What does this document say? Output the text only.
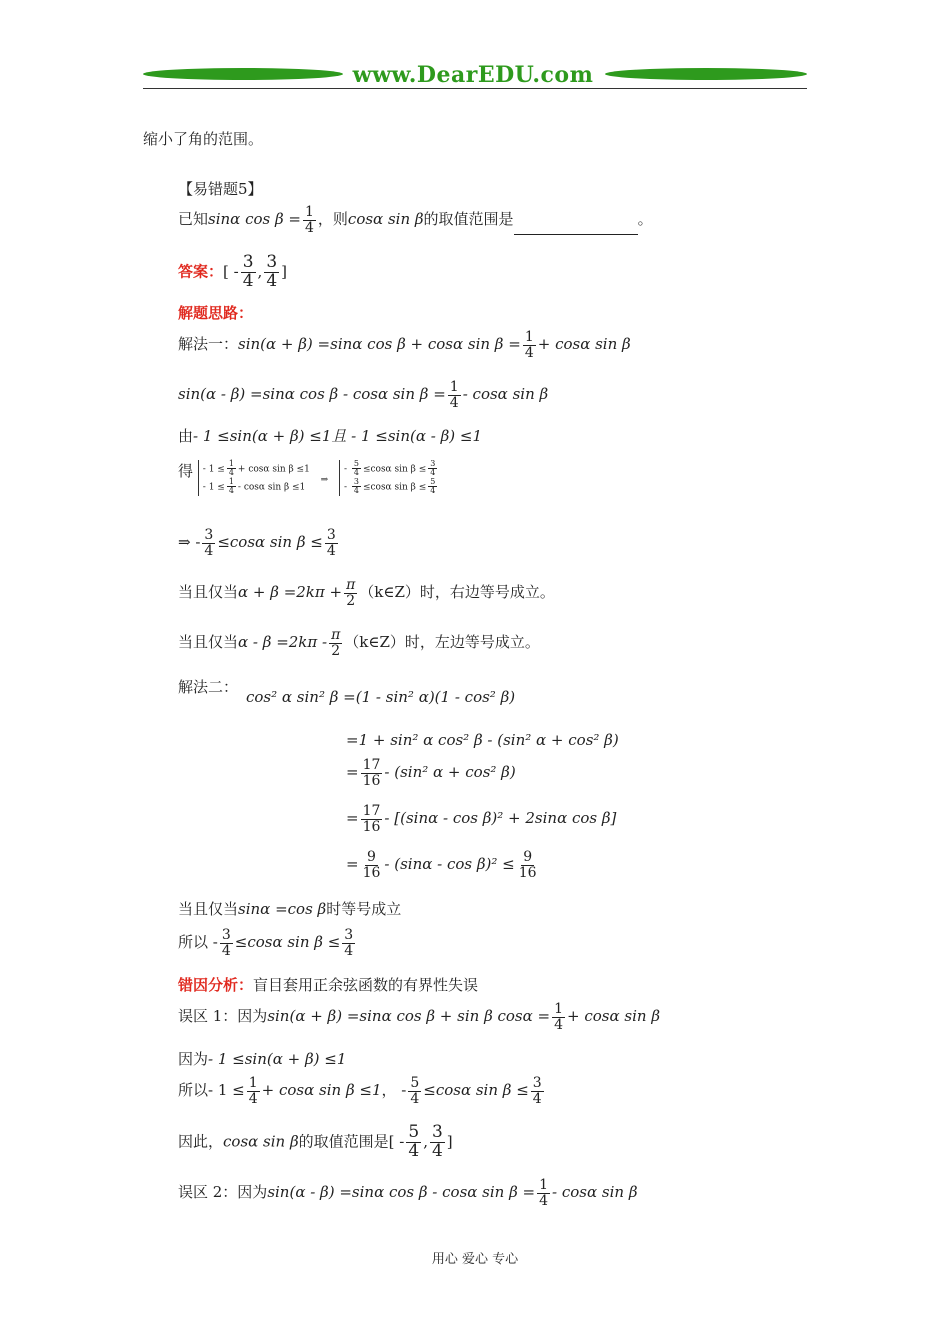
www.DearEDU.com
缩小了角的范围。
【易错题5】
已知sinα $\cos \beta = \frac{1}{4}$ ，则cosα sin β的取值范围是	。
答案：[ - $\frac{3}{4}$ , $\frac{3}{4}$ ]
解题思路：
解法一：sin(α + β) =sinα cos β + cosα $\sin \beta = \frac{1}{4} + \cos\alpha$ sin β
sin(α - β) =sinα cos β - cosα $\sin \beta = \frac{1}{4} - \cos\alpha$ sin β
由- 1 ≤sin(α + β) ≤1且 - 1 ≤sin(α - β) ≤1
得 - $1 \le \frac{1}{4} + \cos\alpha$ sin β ≤1
- $1 \le \frac{1}{4} - \cos\alpha$ sin β ≤1
⇒
- $\frac{5}{4} \le\cos\alpha$ $\sin \beta \le \frac{3}{4}$
- $\frac{3}{4} \le\cos\alpha$ $\sin \beta \le \frac{5}{4}$
⇒ - $\frac{3}{4} \le\cos\alpha$ $\sin \beta \le \frac{3}{4}$
当且仅当$\alpha + \beta =2k\pi + \frac{\pi}{2}$ （k∈Z）时，右边等号成立。
当且仅当$\alpha - \beta =2k\pi - \frac{\pi}{2}$ （k∈Z）时，左边等号成立。
解法二：
cos² α sin² β =(1 - sin² α)(1 - cos² β)
=1 + sin² α cos² β - (sin² α + cos² β)
= $\frac{17}{16} - (\sin^2$ α + cos² β)
= $\frac{17}{16} - [(\sin\alpha - \cos \beta)^2 + 2\sin\alpha$ cos β]
= $\frac{9}{16} - (\sin\alpha - \cos \beta)^2 \le \frac{9}{16}$
当且仅当sinα =cos β时等号成立
所以 - $\frac{3}{4} \le\cos\alpha$ $\sin \beta \le \frac{3}{4}$
错因分析：盲目套用正余弦函数的有界性失误
误区 1：因为sin(α + β) =sinα cos β + sin β $\cos\alpha = \frac{1}{4} + \cos\alpha$ sin β
因为- 1 ≤sin(α + β) ≤1
所以- $1 \le \frac{1}{4} + \cos\alpha$ sin β ≤1， - $\frac{5}{4} \le\cos\alpha$ $\sin \beta \le \frac{3}{4}$
因此，cosα sin β的取值范围是[ - $\frac{5}{4}$ , $\frac{3}{4}$ ]
误区 2：因为sin(α - β) =sinα cos β - cosα $\sin \beta = \frac{1}{4} - \cos\alpha$ sin β
用心 爱心 专心
